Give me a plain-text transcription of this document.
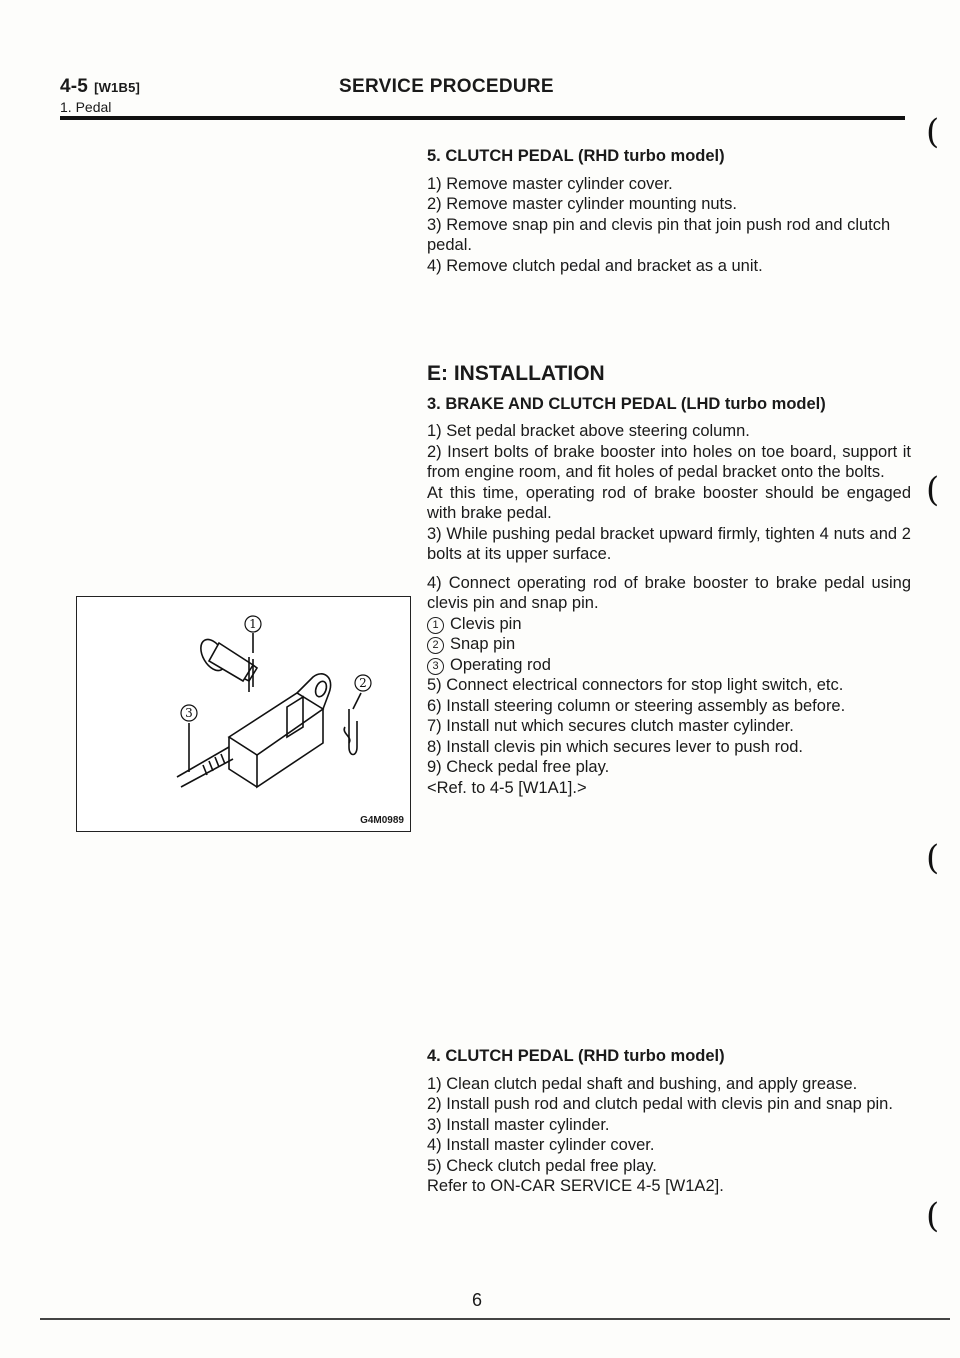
4-5 [W1B5]
1. Pedal
SERVICE PROCEDURE

5. CLUTCH PEDAL (RHD turbo model)

1) Remove master cylinder cover.

2) Remove master cylinder mounting nuts.

3) Remove snap pin and clevis pin that join push rod and clutch pedal.

4) Remove clutch pedal and bracket as a unit.

E: INSTALLATION

3. BRAKE AND CLUTCH PEDAL (LHD turbo model)

1) Set pedal bracket above steering column.

2) Insert bolts of brake booster into holes on toe board, support it from engine room, and fit holes of pedal bracket onto the bolts.

At this time, operating rod of brake booster should be engaged with brake pedal.

3) While pushing pedal bracket upward firmly, tighten 4 nuts and 2 bolts at its upper surface.

4) Connect operating rod of brake booster to brake pedal using clevis pin and snap pin.

1 Clevis pin

2 Snap pin

3 Operating rod

5) Connect electrical connectors for stop light switch, etc.

6) Install steering column or steering assembly as before.

7) Install nut which secures clutch master cylinder.

8) Install clevis pin which secures lever to push rod.

9) Check pedal free play.

<Ref. to 4-5 [W1A1].>

4. CLUTCH PEDAL (RHD turbo model)

1) Clean clutch pedal shaft and bushing, and apply grease.

2) Install push rod and clutch pedal with clevis pin and snap pin.

3) Install master cylinder.

4) Install master cylinder cover.

5) Check clutch pedal free play.

Refer to ON-CAR SERVICE 4-5 [W1A2].

1
2
3
G4M0989
(
(
(
(
6
